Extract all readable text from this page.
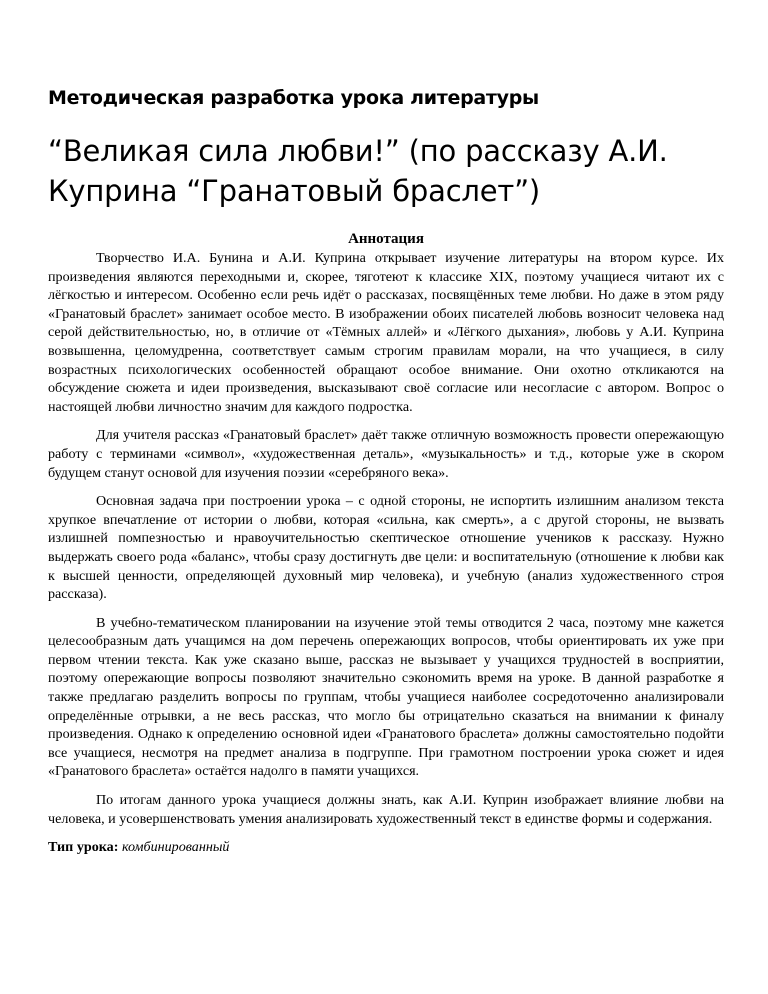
Методическая разработка урока литературы
“Великая сила любви!” (по рассказу А.И. Куприна “Гранатовый браслет”)
Аннотация

Творчество И.А. Бунина и А.И. Куприна открывает изучение литературы на втором курсе. Их произведения являются переходными и, скорее, тяготеют к классике XIX, поэтому учащиеся читают их с лёгкостью и интересом. Особенно если речь идёт о рассказах, посвящённых теме любви. Но даже в этом ряду «Гранатовый браслет» занимает особое место. В изображении обоих писателей любовь возносит человека над серой действительностью, но, в отличие от «Тёмных аллей» и «Лёгкого дыхания», любовь у А.И. Куприна возвышенна, целомудренна, соответствует самым строгим правилам морали, на что учащиеся, в силу возрастных психологических особенностей обращают особое внимание. Они охотно откликаются на обсуждение сюжета и идеи произведения, высказывают своё согласие или несогласие с автором. Вопрос о настоящей любви личностно значим для каждого подростка.

Для учителя рассказ «Гранатовый браслет» даёт также отличную возможность провести опережающую работу с терминами «символ», «художественная деталь», «музыкальность» и т.д., которые уже в скором будущем станут основой для изучения поэзии «серебряного века».

Основная задача при построении урока – с одной стороны, не испортить излишним анализом текста хрупкое впечатление от истории о любви, которая «сильна, как смерть», а с другой стороны, не вызвать излишней помпезностью и нравоучительностью скептическое отношение учеников к рассказу. Нужно выдержать своего рода «баланс», чтобы сразу достигнуть две цели: и воспитательную (отношение к любви как к высшей ценности, определяющей духовный мир человека), и учебную (анализ художественного строя рассказа).

В учебно-тематическом планировании на изучение этой темы отводится 2 часа, поэтому мне кажется целесообразным дать учащимся на дом перечень опережающих вопросов, чтобы ориентировать их уже при первом чтении текста. Как уже сказано выше, рассказ не вызывает у учащихся трудностей в восприятии, поэтому опережающие вопросы позволяют значительно сэкономить время на уроке. В данной разработке я также предлагаю разделить вопросы по группам, чтобы учащиеся наиболее сосредоточенно анализировали определённые отрывки, а не весь рассказ, что могло бы отрицательно сказаться на внимании к финалу произведения. Однако к определению основной идеи «Гранатового браслета» должны самостоятельно подойти все учащиеся, несмотря на предмет анализа в подгруппе. При грамотном построении урока сюжет и идея «Гранатового браслета» остаётся надолго в памяти учащихся.

По итогам данного урока учащиеся должны знать, как А.И. Куприн изображает влияние любви на человека, и усовершенствовать умения анализировать художественный текст в единстве формы и содержания.

Тип урока: комбинированный
